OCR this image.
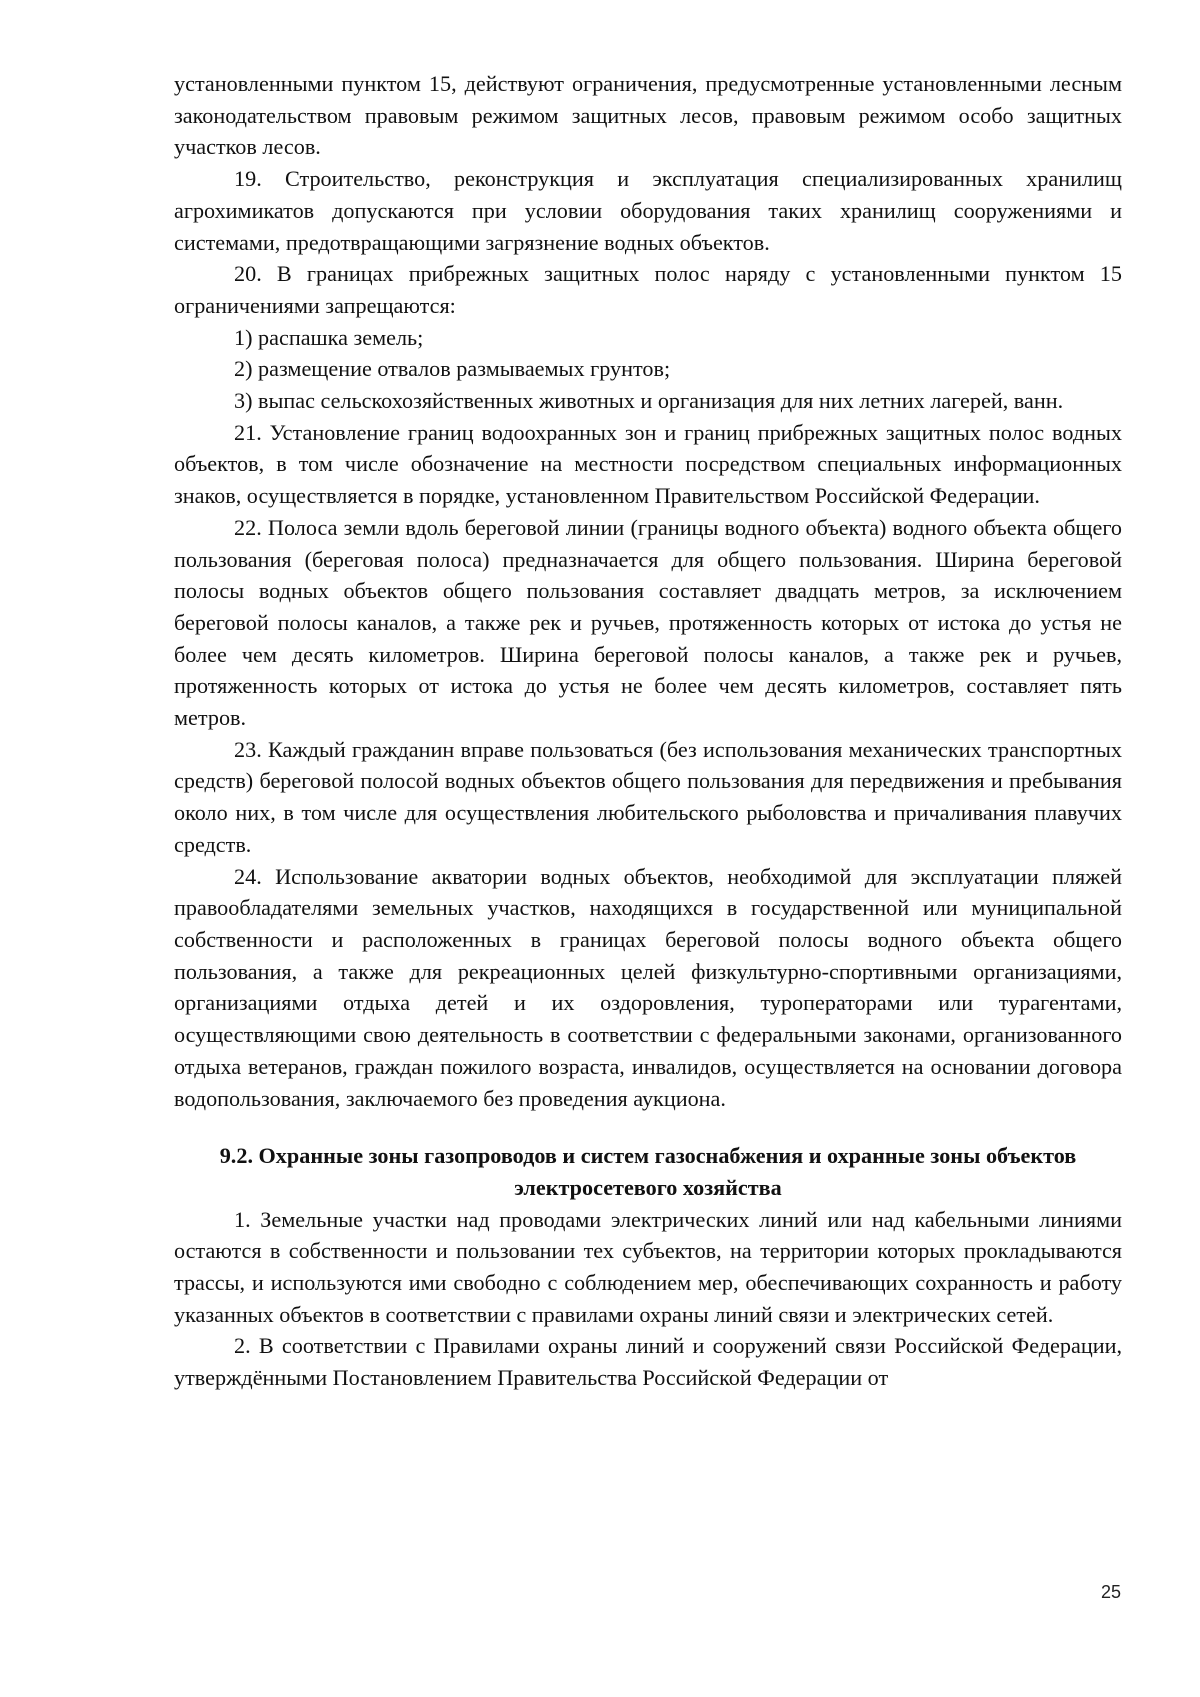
установленными пунктом 15, действуют ограничения, предусмотренные установленными лесным законодательством правовым режимом защитных лесов, правовым режимом особо защитных участков лесов.

19. Строительство, реконструкция и эксплуатация специализированных хранилищ агрохимикатов допускаются при условии оборудования таких хранилищ сооружениями и системами, предотвращающими загрязнение водных объектов.

20. В границах прибрежных защитных полос наряду с установленными пунктом 15 ограничениями запрещаются:

1) распашка земель;

2) размещение отвалов размываемых грунтов;

3) выпас сельскохозяйственных животных и организация для них летних лагерей, ванн.

21. Установление границ водоохранных зон и границ прибрежных защитных полос водных объектов, в том числе обозначение на местности посредством специальных информационных знаков, осуществляется в порядке, установленном Правительством Российской Федерации.

22. Полоса земли вдоль береговой линии (границы водного объекта) водного объекта общего пользования (береговая полоса) предназначается для общего пользования. Ширина береговой полосы водных объектов общего пользования составляет двадцать метров, за исключением береговой полосы каналов, а также рек и ручьев, протяженность которых от истока до устья не более чем десять километров. Ширина береговой полосы каналов, а также рек и ручьев, протяженность которых от истока до устья не более чем десять километров, составляет пять метров.

23. Каждый гражданин вправе пользоваться (без использования механических транспортных средств) береговой полосой водных объектов общего пользования для передвижения и пребывания около них, в том числе для осуществления любительского рыболовства и причаливания плавучих средств.

24. Использование акватории водных объектов, необходимой для эксплуатации пляжей правообладателями земельных участков, находящихся в государственной или муниципальной собственности и расположенных в границах береговой полосы водного объекта общего пользования, а также для рекреационных целей физкультурно-спортивными организациями, организациями отдыха детей и их оздоровления, туроператорами или турагентами, осуществляющими свою деятельность в соответствии с федеральными законами, организованного отдыха ветеранов, граждан пожилого возраста, инвалидов, осуществляется на основании договора водопользования, заключаемого без проведения аукциона.

9.2. Охранные зоны газопроводов и систем газоснабжения и охранные зоны объектов
электросетевого хозяйства

1. Земельные участки над проводами электрических линий или над кабельными линиями остаются в собственности и пользовании тех субъектов, на территории которых прокладываются трассы, и используются ими свободно с соблюдением мер, обеспечивающих сохранность и работу указанных объектов в соответствии с правилами охраны линий связи и электрических сетей.

2. В соответствии с Правилами охраны линий и сооружений связи Российской Федерации, утверждёнными Постановлением Правительства Российской Федерации от

25
